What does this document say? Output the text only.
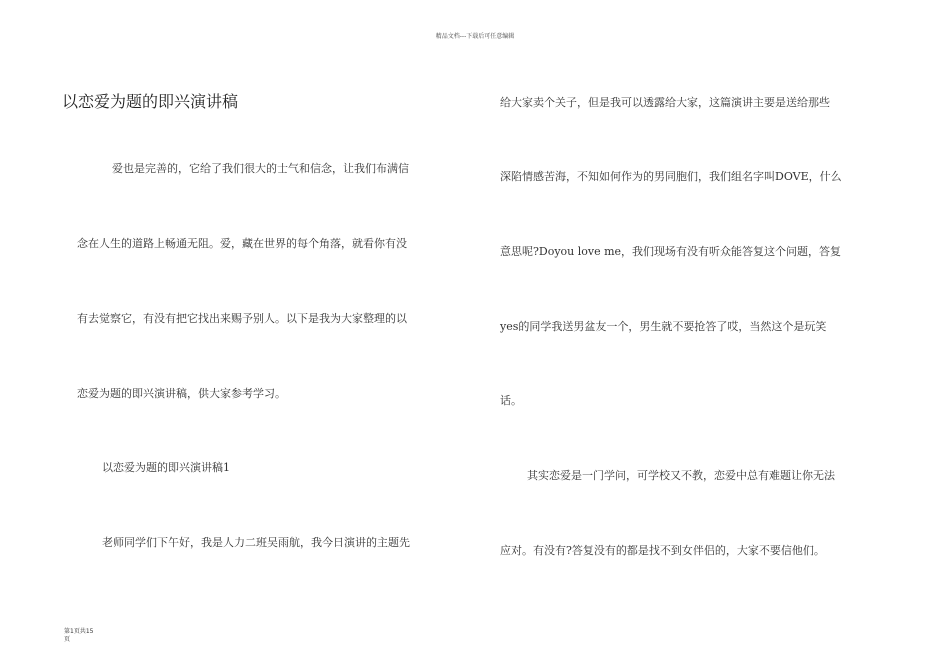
精品文档---下载后可任意编辑
以恋爱为题的即兴演讲稿
爱也是完善的，它给了我们很大的士气和信念，让我们布满信
念在人生的道路上畅通无阻。爱，藏在世界的每个角落，就看你有没
有去觉察它，有没有把它找出来赐予别人。以下是我为大家整理的以
恋爱为题的即兴演讲稿，供大家参考学习。
以恋爱为题的即兴演讲稿1
老师同学们下午好，我是人力二班吴雨航，我今日演讲的主题先
给大家卖个关子，但是我可以透露给大家，这篇演讲主要是送给那些
深陷情感苦海，不知如何作为的男同胞们，我们组名字叫DOVE，什么
意思呢?Doyou love me，我们现场有没有听众能答复这个问题，答复
yes的同学我送男盆友一个，男生就不要抢答了哎，当然这个是玩笑
话。
其实恋爱是一门学问，可学校又不教，恋爱中总有难题让你无法
应对。有没有?答复没有的都是找不到女伴侣的，大家不要信他们。
第1页共15
页
